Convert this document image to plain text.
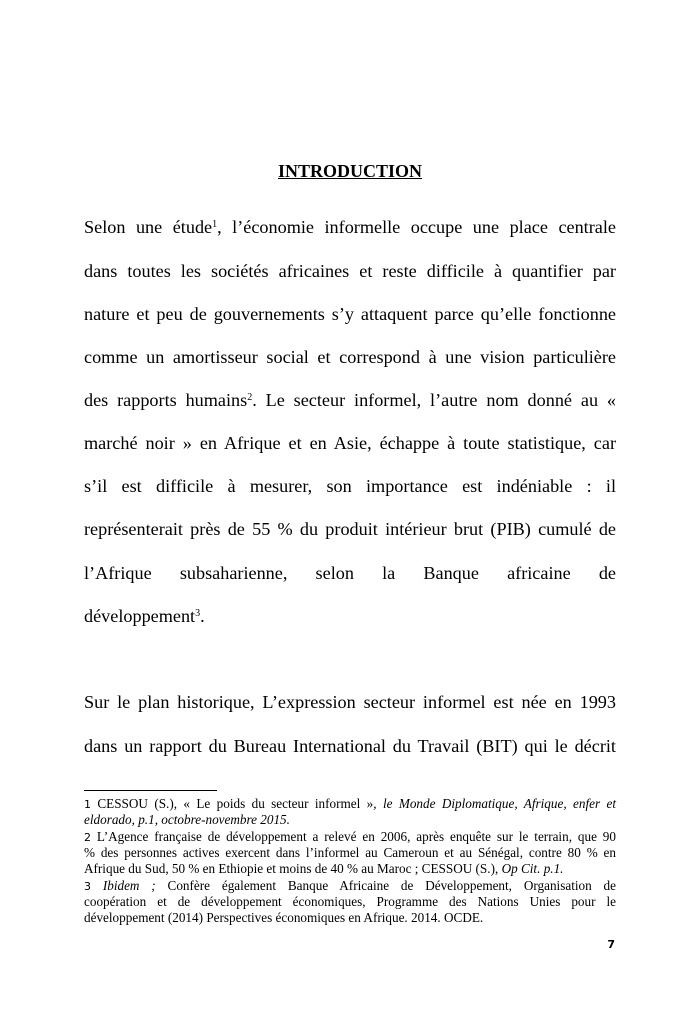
INTRODUCTION
Selon une étude$^1$, l’économie informelle occupe une place centrale
dans toutes les sociétés africaines et reste difficile à quantifier par
nature et peu de gouvernements s’y attaquent parce qu’elle fonctionne
comme un amortisseur social et correspond à une vision particulière
des rapports humains$^2$. Le secteur informel, l’autre nom donné au «
marché noir » en Afrique et en Asie, échappe à toute statistique, car
s’il est difficile à mesurer, son importance est indéniable : il
représenterait près de 55 % du produit intérieur brut (PIB) cumulé de
l’Afrique subsaharienne, selon la Banque africaine de
développement$^3$.
Sur le plan historique, L’expression secteur informel est née en 1993
dans un rapport du Bureau International du Travail (BIT) qui le décrit
1 CESSOU (S.), « Le poids du secteur informel », le Monde Diplomatique, Afrique, enfer et
eldorado, p.1, octobre-novembre 2015.
2 L’Agence française de développement a relevé en 2006, après enquête sur le terrain, que 90
% des personnes actives exercent dans l’informel au Cameroun et au Sénégal, contre 80 % en
Afrique du Sud, 50 % en Ethiopie et moins de 40 % au Maroc ; CESSOU (S.), Op Cit. p.1.
3 Ibidem ; Confère également Banque Africaine de Développement, Organisation de
coopération et de développement économiques, Programme des Nations Unies pour le
développement (2014) Perspectives économiques en Afrique. 2014. OCDE.
7
